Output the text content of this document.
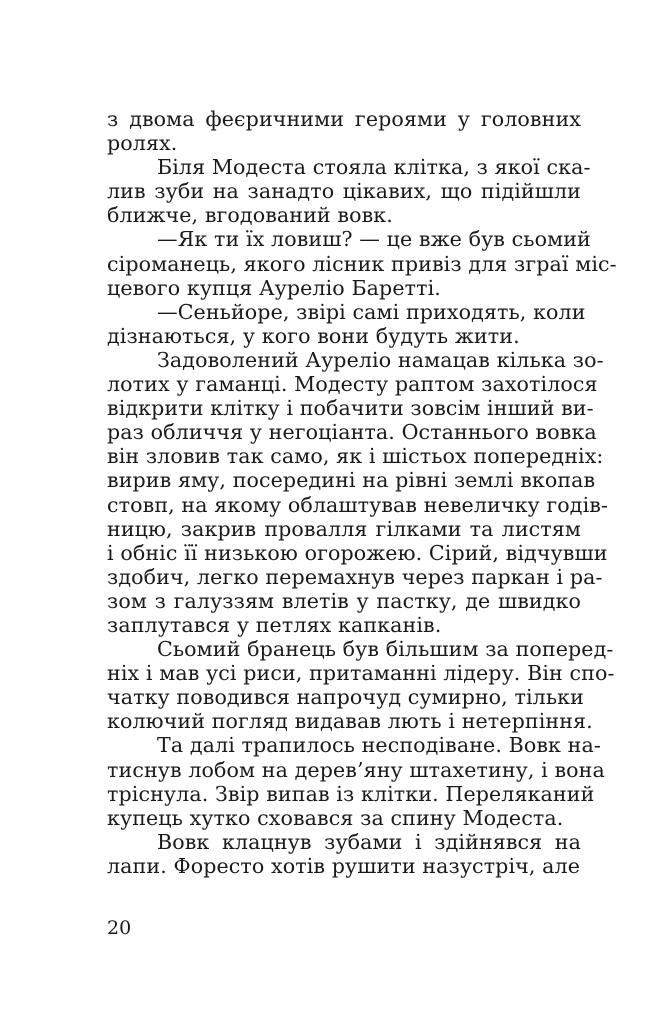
з двома феєричними героями у головних
ролях.
Біля Модеста стояла клітка, з якої ска-
лив зуби на занадто цікавих, що підійшли
ближче, вгодований вовк.
—Як ти їх ловиш? — це вже був сьомий
сіроманець, якого лісник привіз для зграї міс-
цевого купця Ауреліо Баретті.
—Сеньйоре, звірі самі приходять, коли
дізнаються, у кого вони будуть жити.
Задоволений Ауреліо намацав кілька зо-
лотих у гаманці. Модесту раптом захотілося
відкрити клітку і побачити зовсім інший ви-
раз обличчя у негоціанта. Останнього вовка
він зловив так само, як і шістьох попередніх:
вирив яму, посередині на рівні землі вкопав
стовп, на якому облаштував невеличку годів-
ницю, закрив провалля гілками та листям
і обніс її низькою огорожею. Сірий, відчувши
здобич, легко перемахнув через паркан і ра-
зом з галуззям влетів у пастку, де швидко
заплутався у петлях капканів.
Сьомий бранець був більшим за поперед-
ніх і мав усі риси, притаманні лідеру. Він спо-
чатку поводився напрочуд сумирно, тільки
колючий погляд видавав лють і нетерпіння.
Та далі трапилось несподіване. Вовк на-
тиснув лобом на дерев’яну штахетину, і вона
тріснула. Звір випав із клітки. Переляканий
купець хутко сховався за спину Модеста.
Вовк клацнув зубами і здійнявся на
лапи. Форесто хотів рушити назустріч, але
20
